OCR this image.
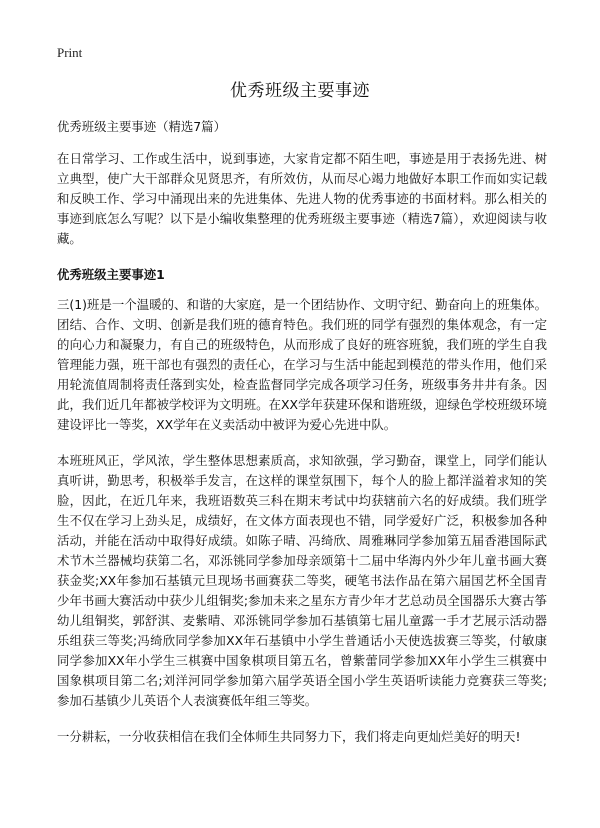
Print
优秀班级主要事迹

优秀班级主要事迹（精选7篇）

在日常学习、工作或生活中，说到事迹，大家肯定都不陌生吧，事迹是用于表扬先进、树立典型，使广大干部群众见贤思齐，有所效仿，从而尽心竭力地做好本职工作而如实记载和反映工作、学习中涌现出来的先进集体、先进人物的优秀事迹的书面材料。那么相关的事迹到底怎么写呢？以下是小编收集整理的优秀班级主要事迹（精选7篇），欢迎阅读与收藏。

优秀班级主要事迹1

三(1)班是一个温暖的、和谐的大家庭，是一个团结协作、文明守纪、勤奋向上的班集体。团结、合作、文明、创新是我们班的德育特色。我们班的同学有强烈的集体观念，有一定的向心力和凝聚力，有自己的班级特色，从而形成了良好的班容班貌，我们班的学生自我管理能力强，班干部也有强烈的责任心，在学习与生活中能起到模范的带头作用，他们采用轮流值周制将责任落到实处，检查监督同学完成各项学习任务，班级事务井井有条。因此，我们近几年都被学校评为文明班。在XX学年获建环保和谐班级，迎绿色学校班级环境建设评比一等奖，XX学年在义卖活动中被评为爱心先进中队。

本班班风正，学风浓，学生整体思想素质高，求知欲强，学习勤奋，课堂上，同学们能认真听讲，勤思考，积极举手发言，在这样的课堂氛围下，每个人的脸上都洋溢着求知的笑脸，因此，在近几年来，我班语数英三科在期末考试中均获辖前六名的好成绩。我们班学生不仅在学习上劲头足，成绩好，在文体方面表现也不错，同学爱好广泛，积极参加各种活动，并能在活动中取得好成绩。如陈子晴、冯绮欣、周雅琳同学参加第五届香港国际武术节木兰器械均获第二名，邓泺铫同学参加母亲颂第十二届中华海内外少年儿童书画大赛获金奖;XX年参加石基镇元旦现场书画赛获二等奖，硬笔书法作品在第六届国艺杯全国青少年书画大赛活动中获少儿组铜奖;参加未来之星东方青少年才艺总动员全国器乐大赛古筝幼儿组铜奖，郭舒淇、麦紫晴、邓泺铫同学参加石基镇第七届儿童露一手才艺展示活动器乐组获三等奖;冯绮欣同学参加XX年石基镇中小学生普通话小天使选拔赛三等奖，付敏康同学参加XX年小学生三棋赛中国象棋项目第五名，曾紫蕾同学参加XX年小学生三棋赛中国象棋项目第二名;刘洋河同学参加第六届学英语全国小学生英语听读能力竞赛获三等奖;参加石基镇少儿英语个人表演赛低年组三等奖。

一分耕耘，一分收获相信在我们全体师生共同努力下，我们将走向更灿烂美好的明天!
